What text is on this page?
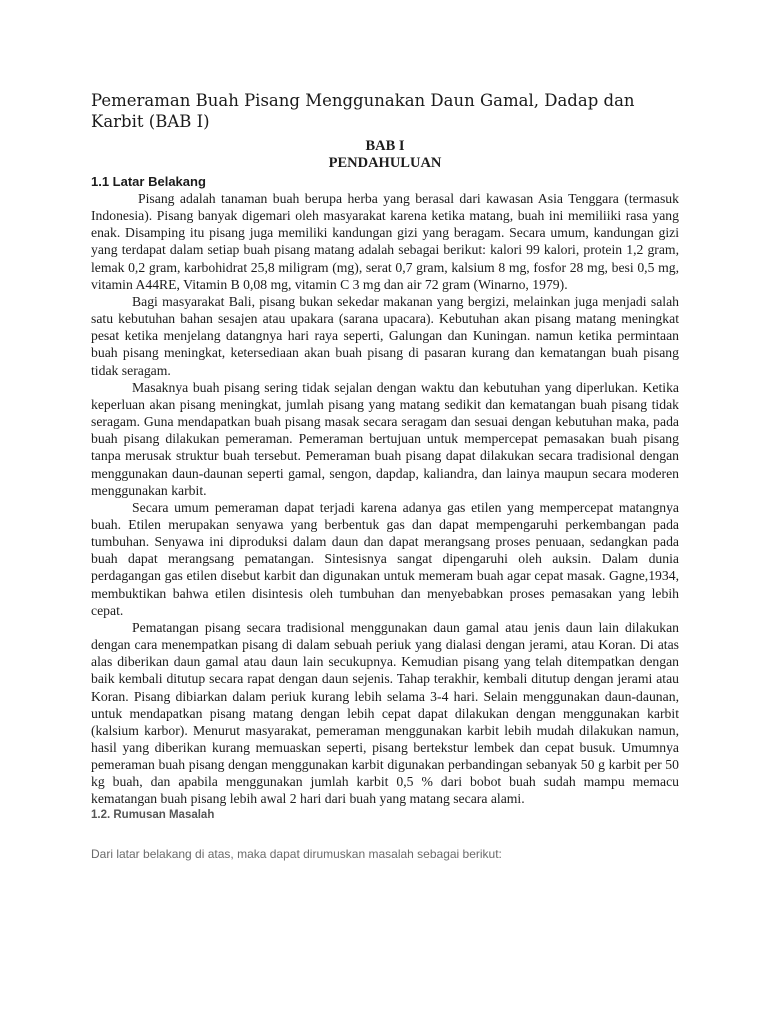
Pemeraman Buah Pisang Menggunakan Daun Gamal, Dadap dan Karbit (BAB I)

BAB I

PENDAHULUAN

1.1 Latar Belakang

Pisang adalah tanaman buah berupa herba yang berasal dari kawasan Asia Tenggara (termasuk Indonesia). Pisang banyak digemari oleh masyarakat karena ketika matang, buah ini memiliiki rasa yang enak. Disamping itu pisang juga memiliki kandungan gizi yang beragam. Secara umum, kandungan gizi yang terdapat dalam setiap buah pisang matang adalah sebagai berikut: kalori 99 kalori, protein 1,2 gram, lemak 0,2 gram, karbohidrat 25,8 miligram (mg), serat 0,7 gram, kalsium 8 mg, fosfor 28 mg, besi 0,5 mg, vitamin A44RE, Vitamin B 0,08 mg, vitamin C 3 mg dan air 72 gram (Winarno, 1979).

Bagi masyarakat Bali, pisang bukan sekedar makanan yang bergizi, melainkan juga menjadi salah satu kebutuhan bahan sesajen atau upakara (sarana upacara). Kebutuhan akan pisang matang meningkat pesat ketika menjelang datangnya hari raya seperti, Galungan dan Kuningan. namun ketika permintaan buah pisang meningkat, ketersediaan akan buah pisang di pasaran kurang dan kematangan buah pisang tidak seragam.

Masaknya buah pisang sering tidak sejalan dengan waktu dan kebutuhan yang diperlukan. Ketika keperluan akan pisang meningkat, jumlah pisang yang matang sedikit dan kematangan buah pisang tidak seragam. Guna mendapatkan buah pisang masak secara seragam dan sesuai dengan kebutuhan maka, pada buah pisang dilakukan pemeraman. Pemeraman bertujuan untuk mempercepat pemasakan buah pisang tanpa merusak struktur buah tersebut. Pemeraman buah pisang dapat dilakukan secara tradisional dengan menggunakan daun-daunan seperti gamal, sengon, dapdap, kaliandra, dan lainya maupun secara moderen menggunakan karbit.

Secara umum pemeraman dapat terjadi karena adanya gas etilen yang mempercepat matangnya buah. Etilen merupakan senyawa yang berbentuk gas dan dapat mempengaruhi perkembangan pada tumbuhan. Senyawa ini diproduksi dalam daun dan dapat merangsang proses penuaan, sedangkan pada buah dapat merangsang pematangan. Sintesisnya sangat dipengaruhi oleh auksin. Dalam dunia perdagangan gas etilen disebut karbit dan digunakan untuk memeram buah agar cepat masak. Gagne,1934, membuktikan bahwa etilen disintesis oleh tumbuhan dan menyebabkan proses pemasakan yang lebih cepat.

Pematangan pisang secara tradisional menggunakan daun gamal atau jenis daun lain dilakukan dengan cara menempatkan pisang di dalam sebuah periuk yang dialasi dengan jerami, atau Koran. Di atas alas diberikan daun gamal atau daun lain secukupnya. Kemudian pisang yang telah ditempatkan dengan baik kembali ditutup secara rapat dengan daun sejenis. Tahap terakhir, kembali ditutup dengan jerami atau Koran. Pisang dibiarkan dalam periuk kurang lebih selama 3-4 hari. Selain menggunakan daun-daunan, untuk mendapatkan pisang matang dengan lebih cepat dapat dilakukan dengan menggunakan karbit (kalsium karbor). Menurut masyarakat, pemeraman menggunakan karbit lebih mudah dilakukan namun, hasil yang diberikan kurang memuaskan seperti, pisang bertekstur lembek dan cepat busuk. Umumnya pemeraman buah pisang dengan menggunakan karbit digunakan perbandingan sebanyak 50 g karbit per 50 kg buah, dan apabila menggunakan jumlah karbit 0,5 % dari bobot buah sudah mampu memacu kematangan buah pisang lebih awal 2 hari dari buah yang matang secara alami.

1.2. Rumusan Masalah

Dari latar belakang di atas, maka dapat dirumuskan masalah sebagai berikut:
